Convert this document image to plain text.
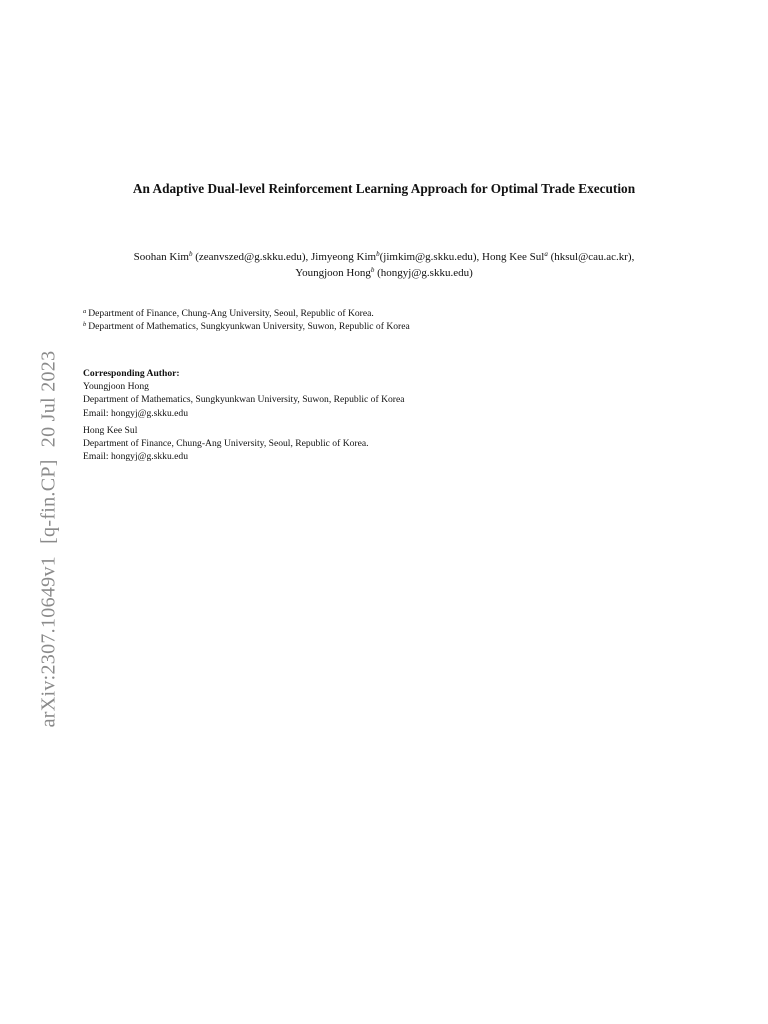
arXiv:2307.10649v1[q-fin.CP]20 Jul 2023
An Adaptive Dual-level Reinforcement Learning Approach for Optimal Trade Execution
Soohan Kim$^b$ (zeanvszed@g.skku.edu), Jimyeong Kim$^b$(jimkim@g.skku.edu), Hong Kee Sul$^a$ (hksul@cau.ac.kr),
Youngjoon Hong$^b$ (hongyj@g.skku.edu)
$^a$ Department of Finance, Chung-Ang University, Seoul, Republic of Korea.
$^b$ Department of Mathematics, Sungkyunkwan University, Suwon, Republic of Korea
Corresponding Author:
Youngjoon Hong
Department of Mathematics, Sungkyunkwan University, Suwon, Republic of Korea
Email: hongyj@g.skku.edu
Hong Kee Sul
Department of Finance, Chung-Ang University, Seoul, Republic of Korea.
Email: hongyj@g.skku.edu
